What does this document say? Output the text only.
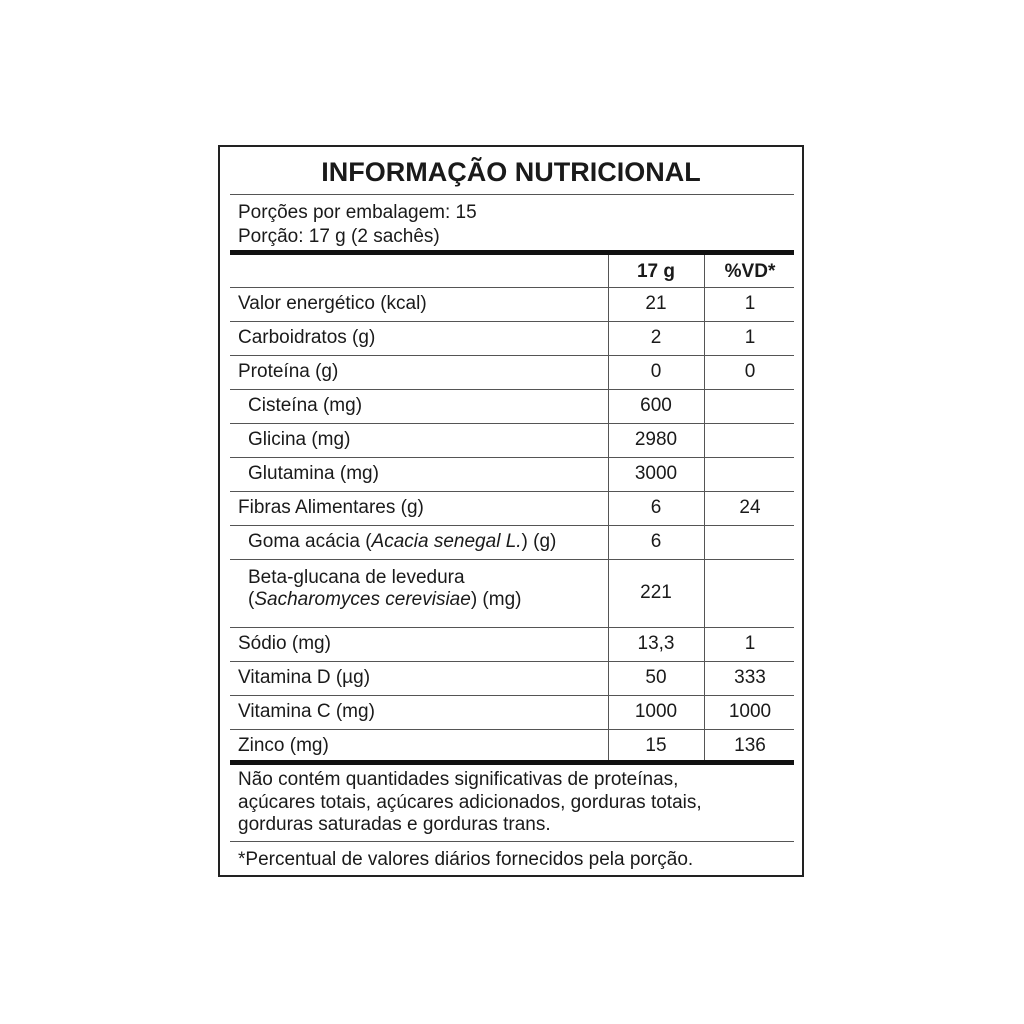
INFORMAÇÃO NUTRICIONAL
Porções por embalagem: 15
Porção: 17 g (2 sachês)
17 g	%VD*
Valor energético (kcal)	21	1
Carboidratos (g)	2	1
Proteína (g)	0	0
Cisteína (mg)	600
Glicina (mg)	2980
Glutamina (mg)	3000
Fibras Alimentares (g)	6	24
Goma acácia (Acacia senegal L.) (g)	6
Beta-glucana de levedura
(Sacharomyces cerevisiae) (mg)	221
Sódio (mg)	13,3	1
Vitamina D (µg)	50	333
Vitamina C (mg)	1000	1000
Zinco (mg)	15	136
Não contém quantidades significativas de proteínas,
açúcares totais, açúcares adicionados, gorduras totais,
gorduras saturadas e gorduras trans.
*Percentual de valores diários fornecidos pela porção.
